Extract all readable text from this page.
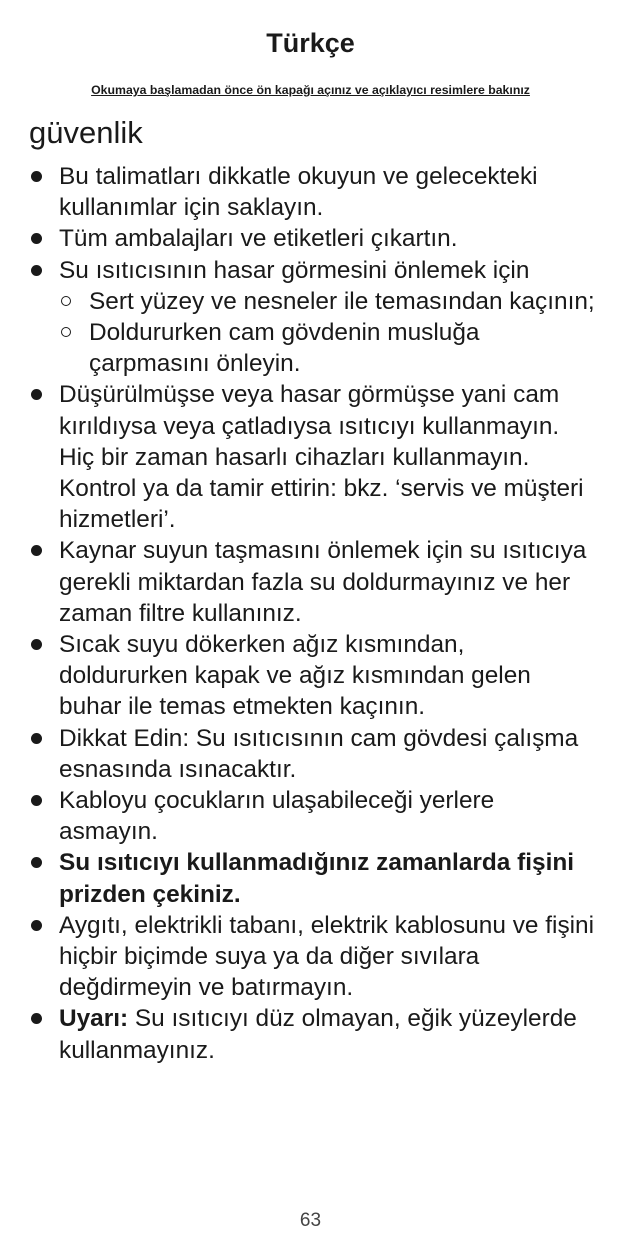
Türkçe
Okumaya başlamadan önce ön kapağı açınız ve açıklayıcı resimlere bakınız
güvenlik
Bu talimatları dikkatle okuyun ve gelecekteki kullanımlar için saklayın.
Tüm ambalajları ve etiketleri çıkartın.
Su ısıtıcısının hasar görmesini önlemek için
Sert yüzey ve nesneler ile temasından kaçının;
Doldururken cam gövdenin musluğa çarpmasını önleyin.
Düşürülmüşse veya hasar görmüşse yani cam kırıldıysa veya çatladıysa ısıtıcıyı kullanmayın. Hiç bir zaman hasarlı cihazları kullanmayın. Kontrol ya da tamir ettirin: bkz. ‘servis ve müşteri hizmetleri’.
Kaynar suyun taşmasını önlemek için su ısıtıcıya gerekli miktardan fazla su doldurmayınız ve her zaman filtre kullanınız.
Sıcak suyu dökerken ağız kısmından, doldururken kapak ve ağız kısmından gelen buhar ile temas etmekten kaçının.
Dikkat Edin: Su ısıtıcısının cam gövdesi çalışma esnasında ısınacaktır.
Kabloyu çocukların ulaşabileceği yerlere asmayın.
Su ısıtıcıyı kullanmadığınız zamanlarda fişini prizden çekiniz.
Aygıtı, elektrikli tabanı, elektrik kablosunu ve fişini hiçbir biçimde suya ya da diğer sıvılara değdirmeyin ve batırmayın.
Uyarı: Su ısıtıcıyı düz olmayan, eğik yüzeylerde kullanmayınız.
63
